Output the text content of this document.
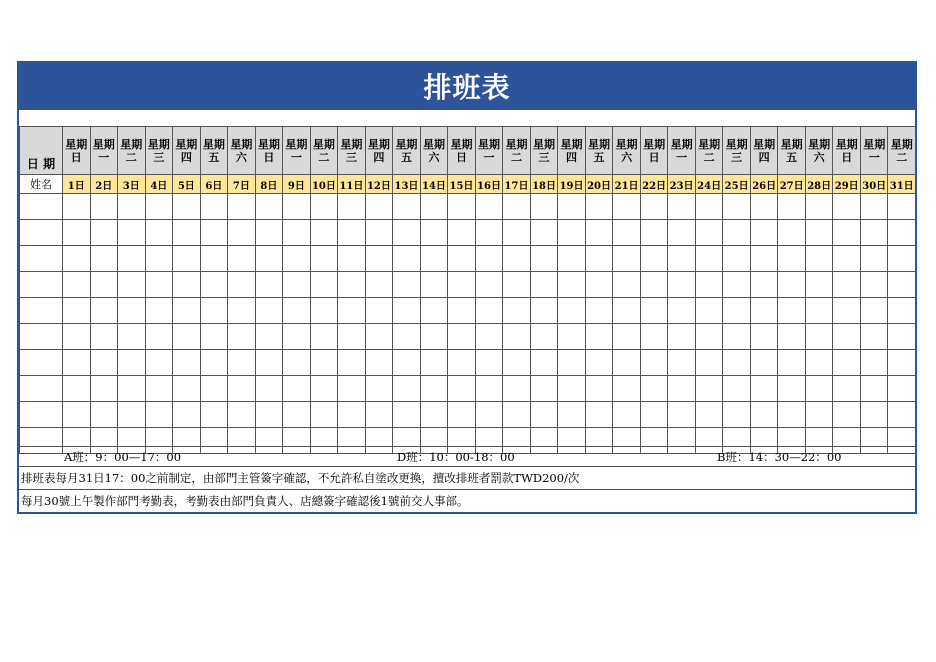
排班表
日 期	星期日	星期一	星期二	星期三	星期四	星期五	星期六	星期日	星期一	星期二	星期三	星期四	星期五	星期六	星期日	星期一	星期二	星期三	星期四	星期五	星期六	星期日	星期一	星期二	星期三	星期四	星期五	星期六	星期日	星期一	星期二

姓名	1日	2日	3日	4日	5日	6日	7日	8日	9日	10日	11日	12日	13日	14日	15日	16日	17日	18日	19日	20日	21日	22日	23日	24日	25日	26日	27日	28日	29日	30日	31日

A班：9：00—17：00	D班：10：00-18：00	B班：14：30—22：00
排班表每月31日17：00之前制定，由部門主管簽字確認，不允許私自塗改更換，擅改排班者罰款TWD200/次
每月30號上午製作部門考勤表，考勤表由部門負責人、店總簽字確認後1號前交人事部。
